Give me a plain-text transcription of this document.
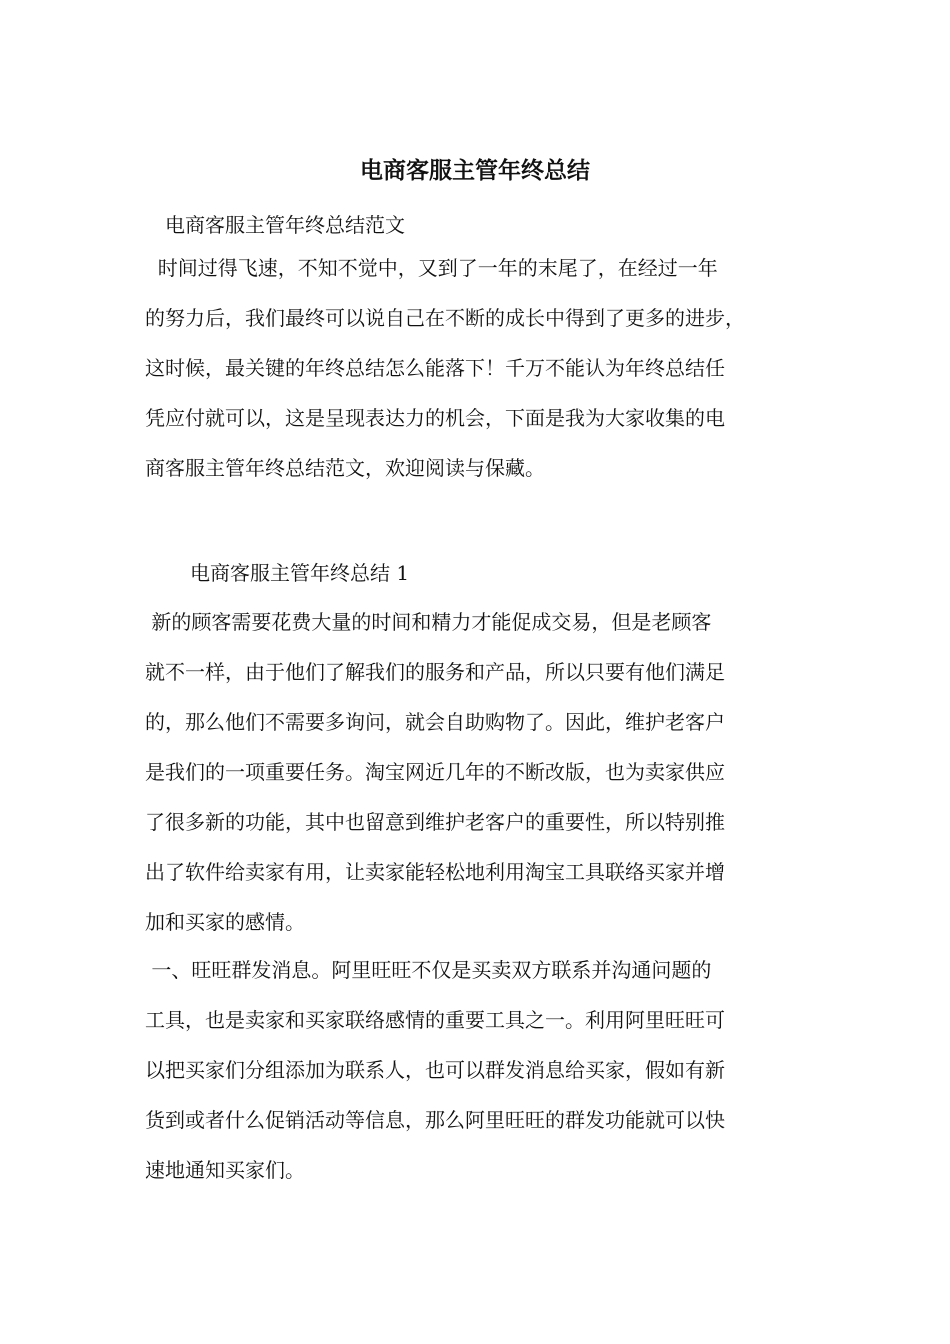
电商客服主管年终总结

电商客服主管年终总结范文

时间过得飞速，不知不觉中，又到了一年的末尾了，在经过一年
的努力后，我们最终可以说自己在不断的成长中得到了更多的进步，
这时候，最关键的年终总结怎么能落下！千万不能认为年终总结任
凭应付就可以，这是呈现表达力的机会，下面是我为大家收集的电
商客服主管年终总结范文，欢迎阅读与保藏。

电商客服主管年终总结 1

新的顾客需要花费大量的时间和精力才能促成交易，但是老顾客
就不一样，由于他们了解我们的服务和产品，所以只要有他们满足
的，那么他们不需要多询问，就会自助购物了。因此，维护老客户
是我们的一项重要任务。淘宝网近几年的不断改版，也为卖家供应
了很多新的功能，其中也留意到维护老客户的重要性，所以特别推
出了软件给卖家有用，让卖家能轻松地利用淘宝工具联络买家并增
加和买家的感情。
一、旺旺群发消息。阿里旺旺不仅是买卖双方联系并沟通问题的
工具，也是卖家和买家联络感情的重要工具之一。利用阿里旺旺可
以把买家们分组添加为联系人，也可以群发消息给买家，假如有新
货到或者什么促销活动等信息，那么阿里旺旺的群发功能就可以快
速地通知买家们。
